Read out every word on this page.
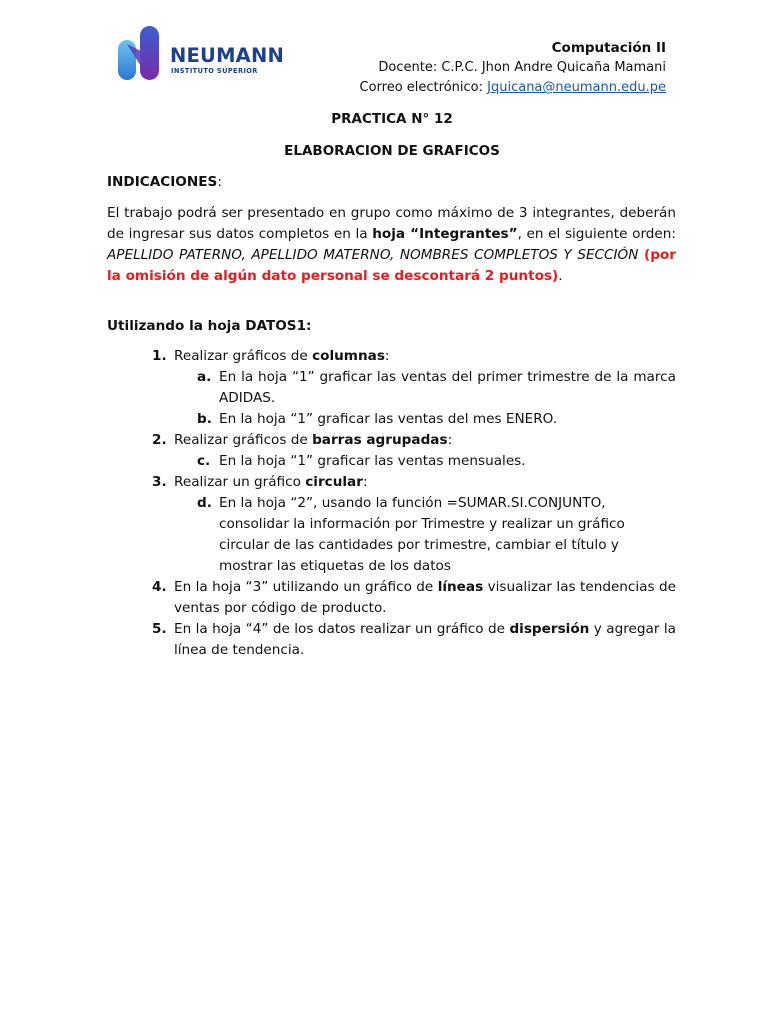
NEUMANN
INSTITUTO SUPERIOR
Computación II
Docente: C.P.C. Jhon Andre Quicaña Mamani
Correo electrónico: Jquicana@neumann.edu.pe
PRACTICA N° 12
ELABORACION DE GRAFICOS
INDICACIONES:
El trabajo podrá ser presentado en grupo como máximo de 3 integrantes, deberán de ingresar sus datos completos en la hoja “Integrantes”, en el siguiente orden: APELLIDO PATERNO, APELLIDO MATERNO, NOMBRES COMPLETOS Y SECCIÓN (por la omisión de algún dato personal se descontará 2 puntos).
Utilizando la hoja DATOS1:
1. Realizar gráficos de columnas:
a. En la hoja “1” graficar las ventas del primer trimestre de la marca ADIDAS.
b. En la hoja “1” graficar las ventas del mes ENERO.
2. Realizar gráficos de barras agrupadas:
c. En la hoja “1” graficar las ventas mensuales.
3. Realizar un gráfico circular:
d. En la hoja “2”, usando la función =SUMAR.SI.CONJUNTO, consolidar la información por Trimestre y realizar un gráfico circular de las cantidades por trimestre, cambiar el título y mostrar las etiquetas de los datos
4. En la hoja “3” utilizando un gráfico de líneas visualizar las tendencias de ventas por código de producto.
5. En la hoja “4” de los datos realizar un gráfico de dispersión y agregar la línea de tendencia.
